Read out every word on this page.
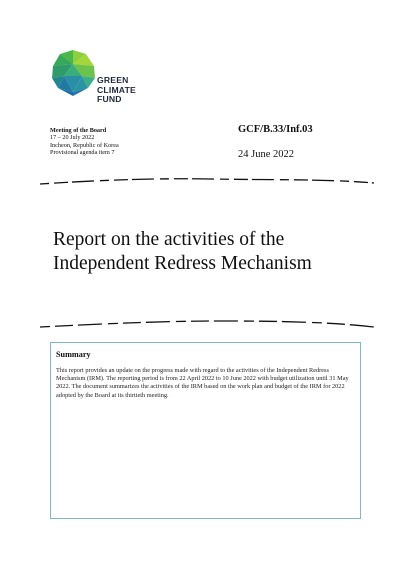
GREEN
CLIMATE
FUND
Meeting of the Board
17 – 20 July 2022
Incheon, Republic of Korea
Provisional agenda item 7
GCF/B.33/Inf.03
24 June 2022
Report on the activities of the
Independent Redress Mechanism
Summary
This report provides an update on the progress made with regard to the activities of the Independent Redress Mechanism (IRM). The reporting period is from 22 April 2022 to 10 June 2022 with budget utilization until 31 May 2022. The document summarizes the activities of the IRM based on the work plan and budget of the IRM for 2022 adopted by the Board at its thirtieth meeting.
